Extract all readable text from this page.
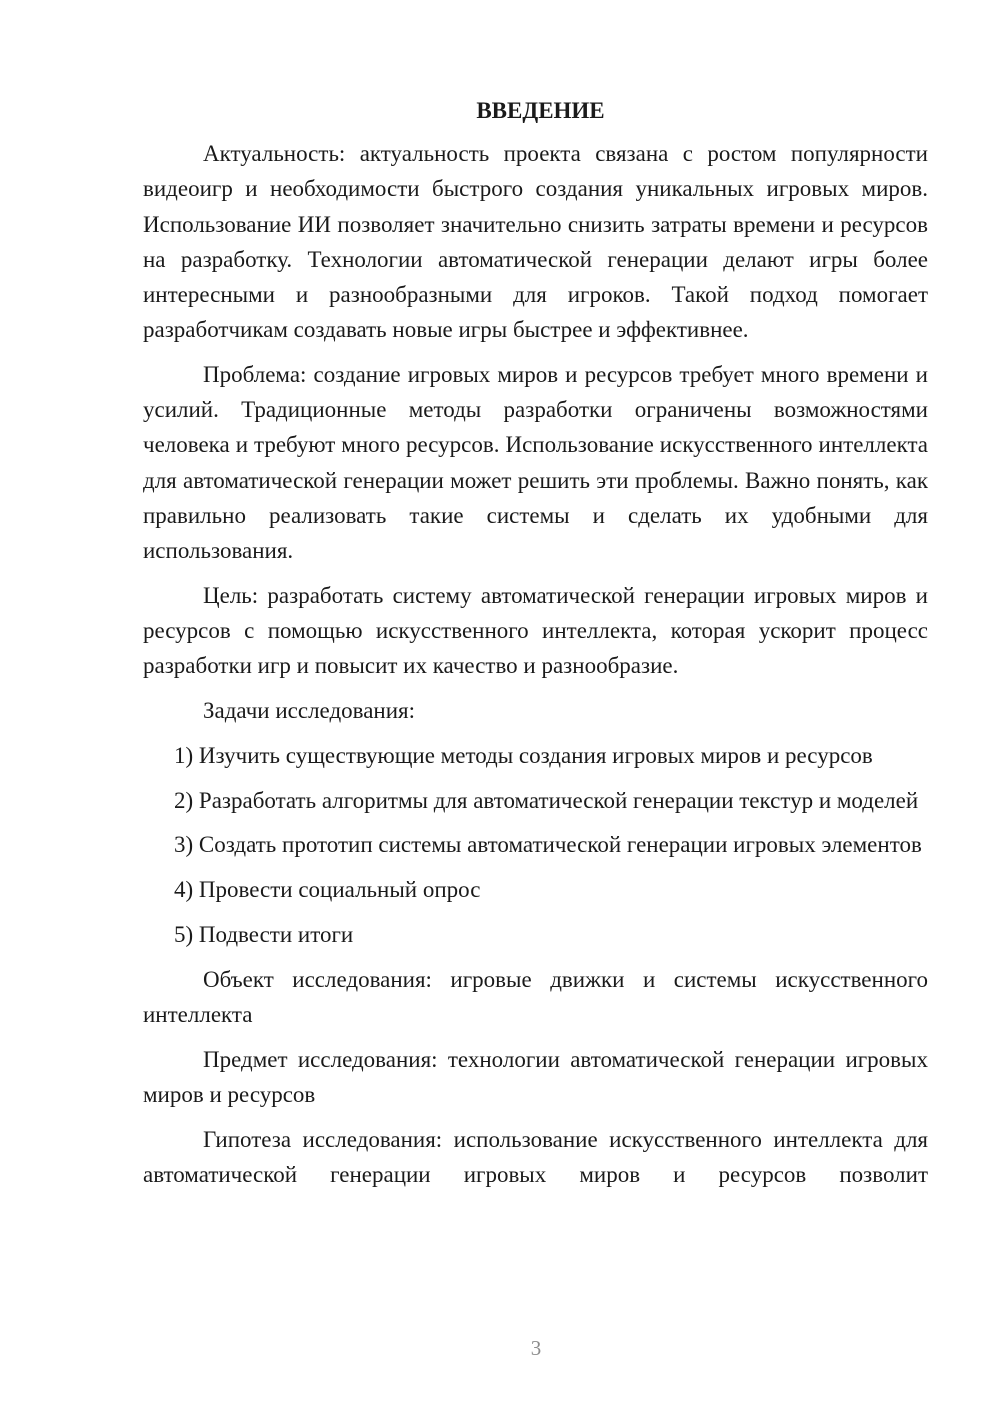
ВВЕДЕНИЕ

Актуальность: актуальность проекта связана с ростом популярности видеоигр и необходимости быстрого создания уникальных игровых миров. Использование ИИ позволяет значительно снизить затраты времени и ресурсов на разработку. Технологии автоматической генерации делают игры более интересными и разнообразными для игроков. Такой подход помогает разработчикам создавать новые игры быстрее и эффективнее.

Проблема: создание игровых миров и ресурсов требует много времени и усилий. Традиционные методы разработки ограничены возможностями человека и требуют много ресурсов. Использование искусственного интеллекта для автоматической генерации может решить эти проблемы. Важно понять, как правильно реализовать такие системы и сделать их удобными для использования.

Цель: разработать систему автоматической генерации игровых миров и ресурсов с помощью искусственного интеллекта, которая ускорит процесс разработки игр и повысит их качество и разнообразие.

Задачи исследования:

1) Изучить существующие методы создания игровых миров и ресурсов

2) Разработать алгоритмы для автоматической генерации текстур и моделей

3) Создать прототип системы автоматической генерации игровых элементов

4) Провести социальный опрос

5) Подвести итоги

Объект исследования: игровые движки и системы искусственного интеллекта

Предмет исследования: технологии автоматической генерации игровых миров и ресурсов

Гипотеза исследования: использование искусственного интеллекта для автоматической генерации игровых миров и ресурсов позволит

3
